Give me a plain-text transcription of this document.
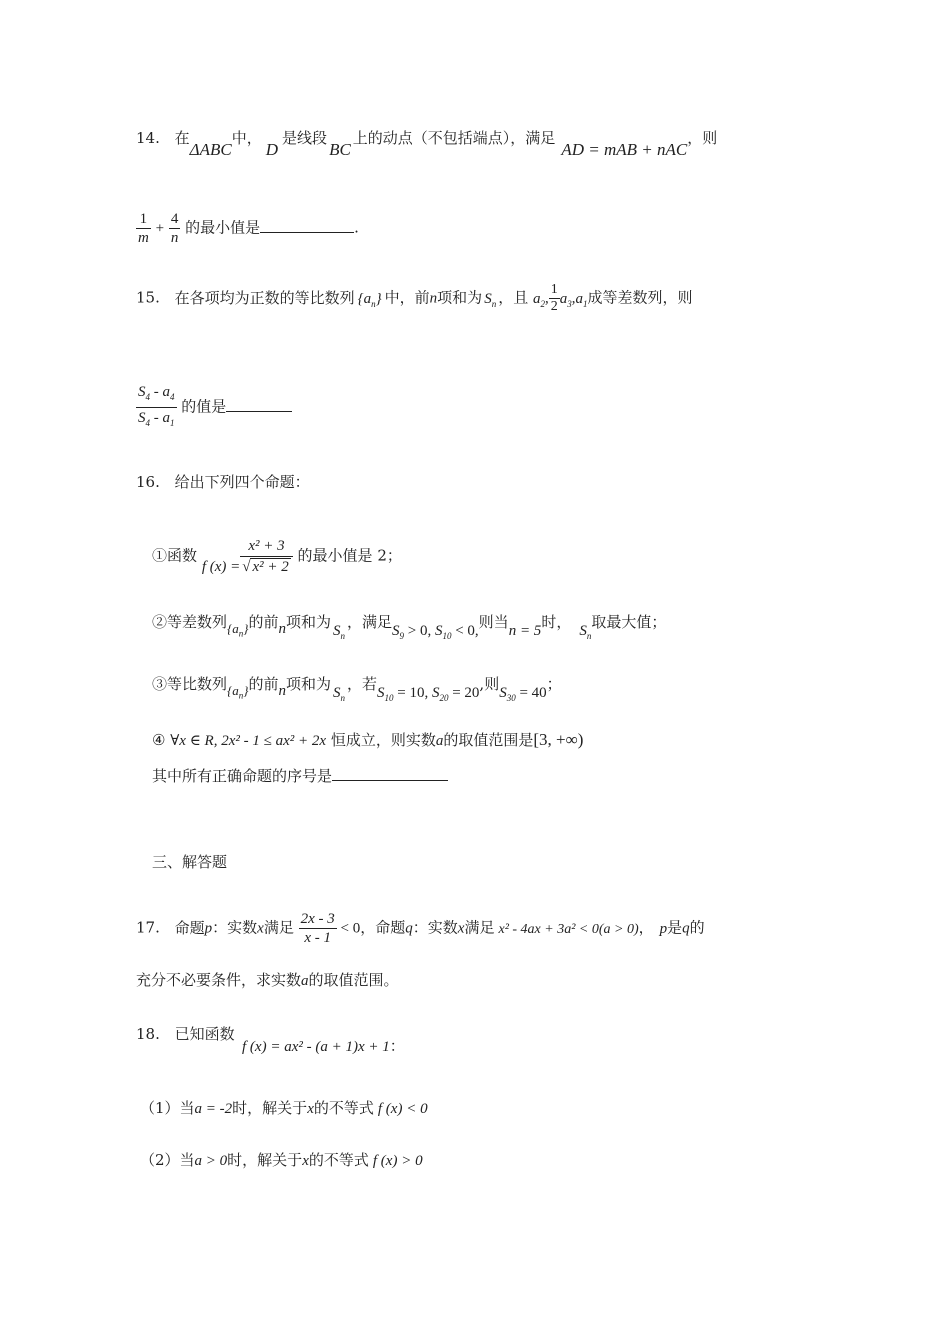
14. 在ΔABC中，D是线段BC上的动点（不包括端点），满足AD = mAB + nAC，则
$\frac{1}{m} + \frac{4}{n}$ 的最小值是	.
15. 在各项均为正数的等比数列 $\{a_n\}$ 中，前n项和为 $S_n$ ，且 $a_2$, $\frac{1}{2} a_3,a_1$成等差数列，则
$\frac{S_4 - a_4}{S_4 - a_1}$ 的值是
16. 给出下列四个命题：
①函数 f $(x) = \frac{\text{x² + 3}}{\text{√ x² + 2}}$ 的最小值是 2；
②等差数列$\{a_n\}$的前n项和为 $S_n$，满足$S_9 > 0$, $S_{10} < 0$,则当n = 5时， $S_n$取最大值；
③等比数列$\{a_n\}$的前n项和为 $S_n$，若$S_{10} = 10$, $S_{20} = 20$,则$S_{30} = 40$；
④ ∀x ∈ R, 2x² - 1 ≤ ax² + 2x 恒成立，则实数a的取值范围是[3, +∞)
其中所有正确命题的序号是
三、解答题
17. 命题p：实数x满足 $\frac{2x - 3}{x - 1} < 0$，命题q：实数x满足 x² - 4ax + 3a² < 0(a > 0)， p是q的
充分不必要条件，求实数a的取值范围。
18. 已知函数
f (x) = ax² - (a + 1)x + 1：
（1）当a = -2时，解关于x的不等式 f (x) < 0
（2）当a > 0时，解关于x的不等式 f (x) > 0
